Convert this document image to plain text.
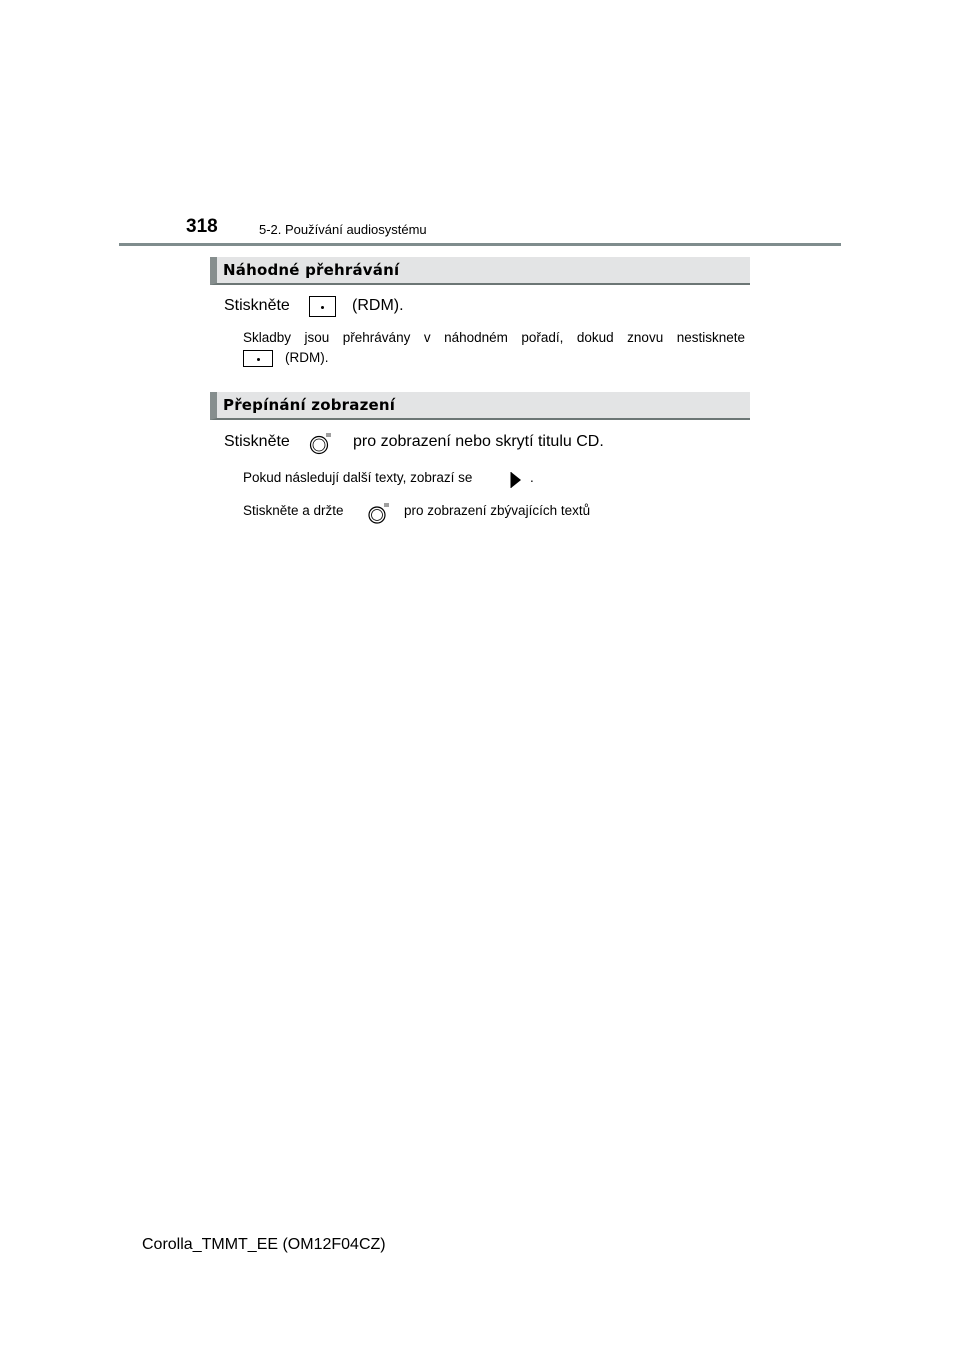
318	5-2. Používání audiosystému
Náhodné přehrávání
Stiskněte	(RDM).
Skladby jsou přehrávány v náhodném pořadí, dokud znovu nestisknete
(RDM).
Přepínání zobrazení
Stiskněte	pro zobrazení nebo skrytí titulu CD.
Pokud následují další texty, zobrazí se	.
Stiskněte a držte	pro zobrazení zbývajících textů
Corolla_TMMT_EE (OM12F04CZ)
